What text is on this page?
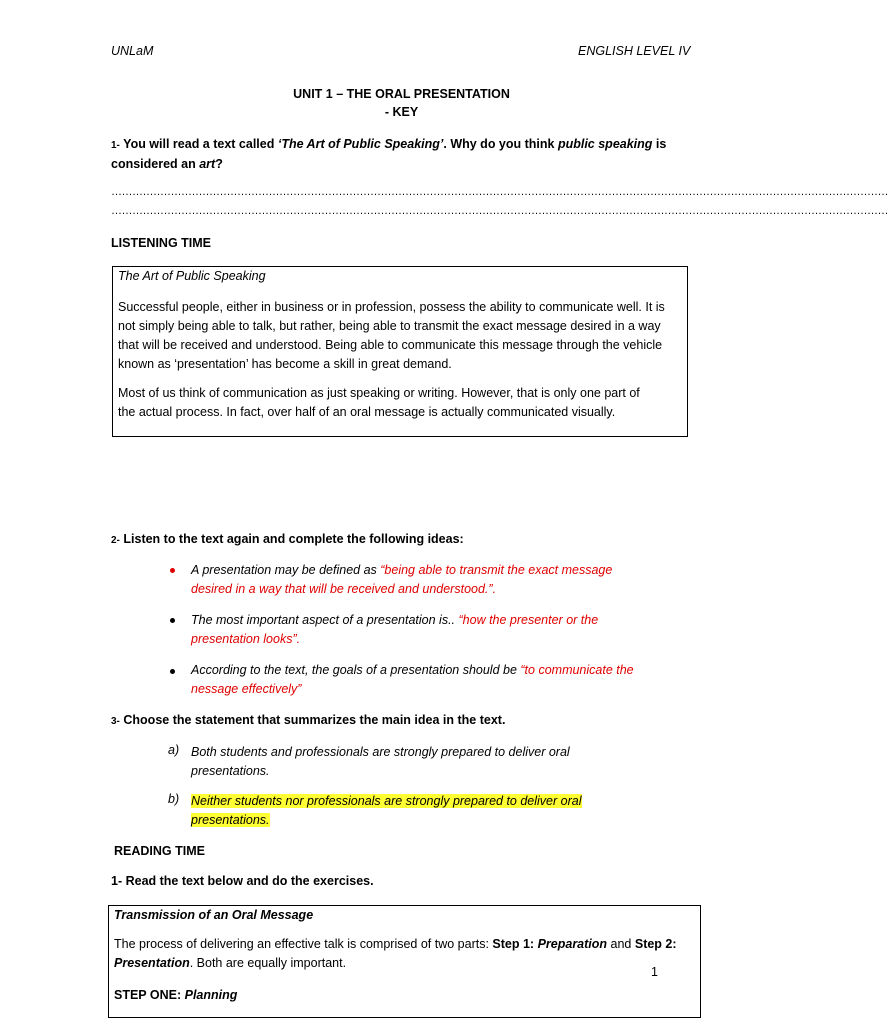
UNLaM	ENGLISH LEVEL IV
UNIT 1 – THE ORAL PRESENTATION
- KEY
1- You will read a text called ‘The Art of Public Speaking’. Why do you think public speaking is
considered an art?
……………………………………………………………………………………………………………………………………………………………………………………………………
……………………………………………………………………………………………………………………………………………………………………………………………………
LISTENING TIME
The Art of Public Speaking
Successful people, either in business or in profession, possess the ability to communicate well. It is
not simply being able to talk, but rather, being able to transmit the exact message desired in a way
that will be received and understood. Being able to communicate this message through the vehicle
known as ‘presentation’ has become a skill in great demand.
Most of us think of communication as just speaking or writing. However, that is only one part of
the actual process. In fact, over half of an oral message is actually communicated visually.
2- Listen to the text again and complete the following ideas:
A presentation may be defined as “being able to transmit the exact message
desired in a way that will be received and understood.”.
The most important aspect of a presentation is.. “how the presenter or the
presentation looks”.
According to the text, the goals of a presentation should be “to communicate the
nessage effectively”
3- Choose the statement that summarizes the main idea in the text.
a) Both students and professionals are strongly prepared to deliver oral
presentations.
b) Neither students nor professionals are strongly prepared to deliver oral
presentations.
READING TIME
1- Read the text below and do the exercises.
Transmission of an Oral Message
The process of delivering an effective talk is comprised of two parts: Step 1: Preparation and Step 2:
Presentation. Both are equally important.
STEP ONE: Planning
1
